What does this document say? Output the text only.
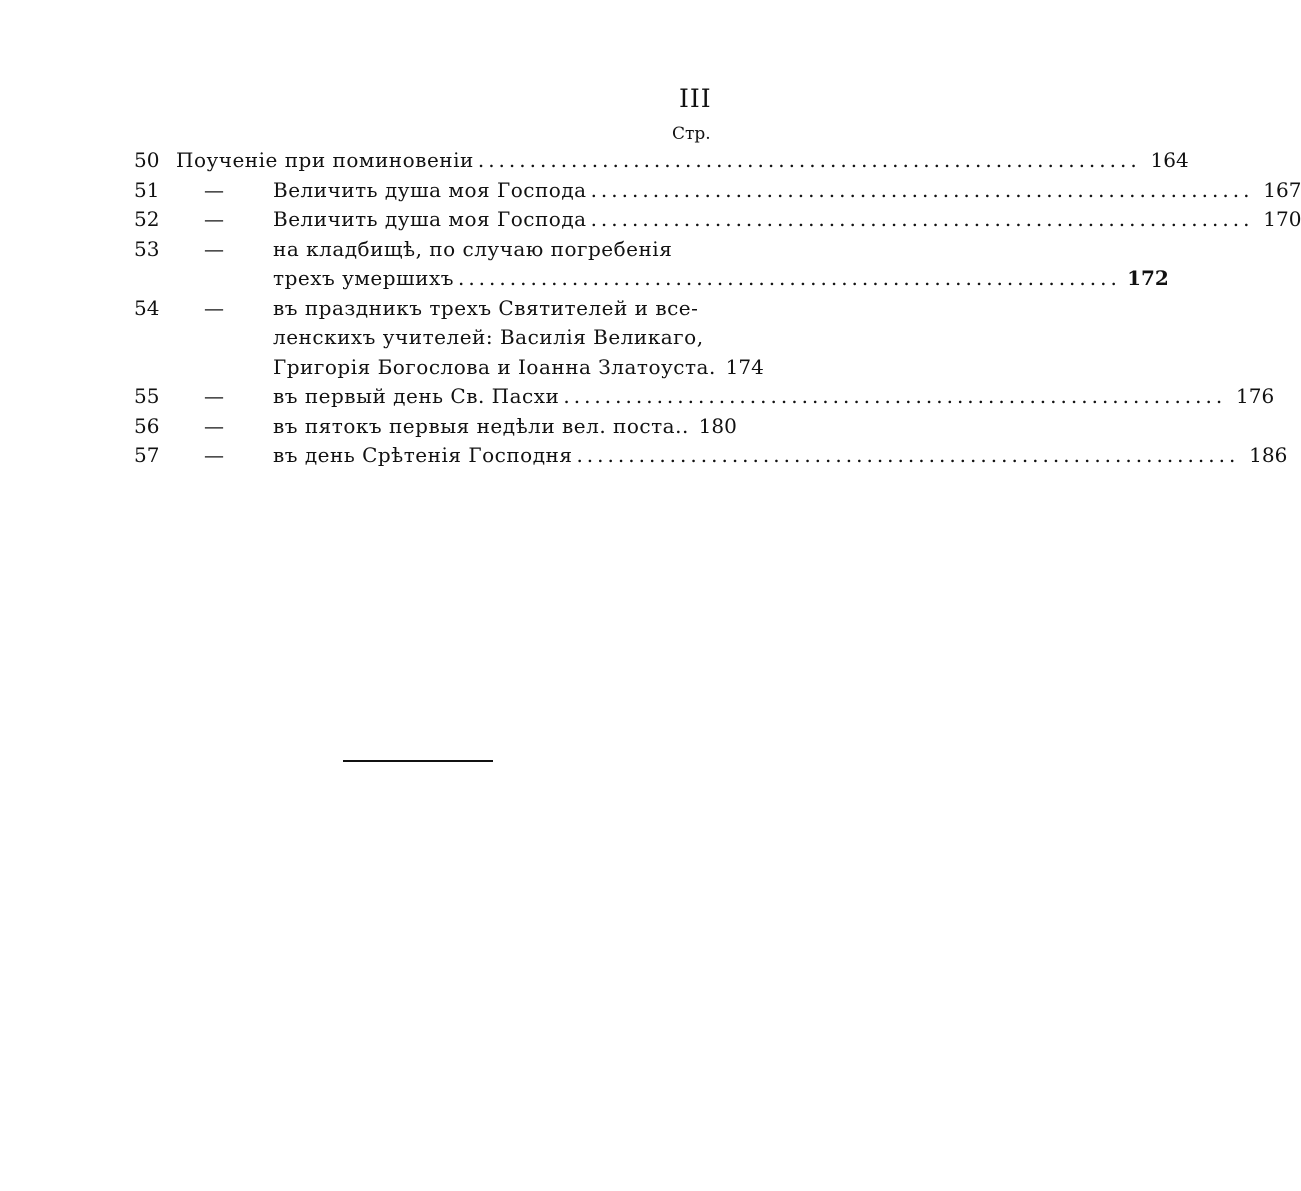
III
Стр.
50 Поученіе при поминовеніи ................................................................ 164
51 — Величить душа моя Господа ................................................................ 167
52 — Величить душа моя Господа ................................................................ 170
53 — на кладбищѣ, по случаю погребенія
трехъ умершихъ ................................................................ 172
54 — въ праздникъ трехъ Святителей и все-
ленскихъ учителей: Василія Великаго,
Григорія Богослова и Іоанна Златоуста. 174
55 — въ первый день Св. Пасхи ................................................................ 176
56 — въ пятокъ первыя недѣли вел. поста.. 180
57 — въ день Срѣтенія Господня ................................................................ 186
